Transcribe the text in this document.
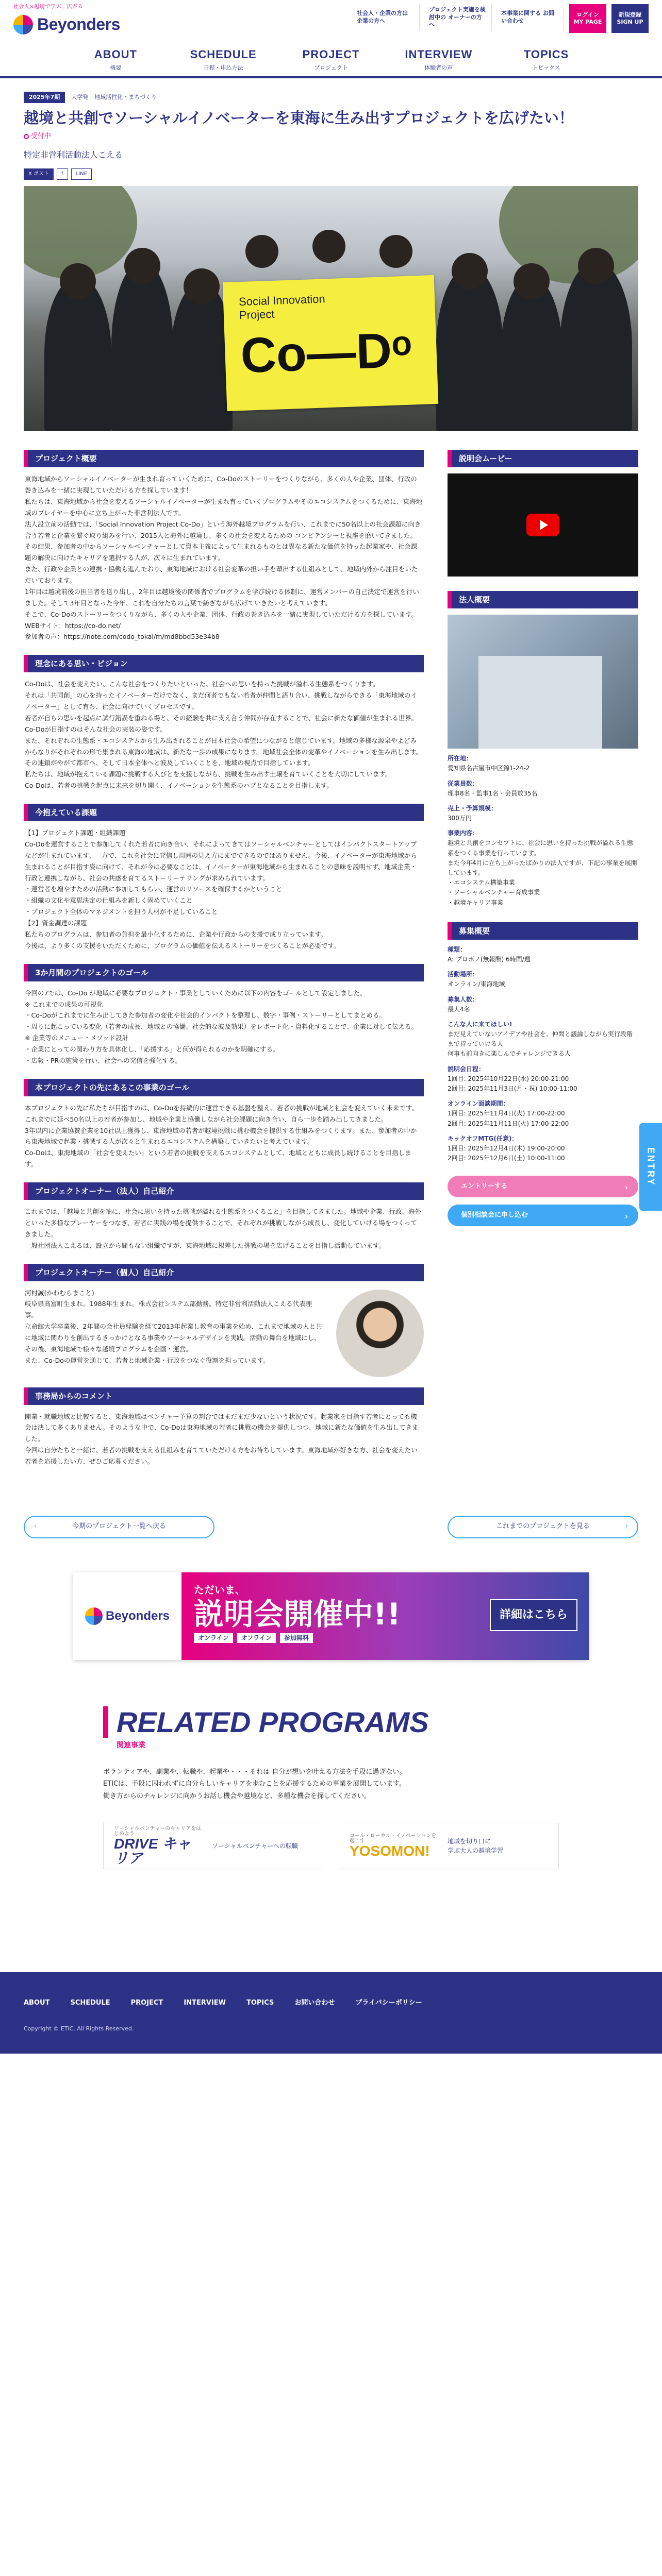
社会人×越境で学ぶ、広がる
Beyonders
社会人・企業の方は 企業の方へ
プロジェクト実施を検討中の オーナーの方へ
本事業に関する お問い合わせ
ログイン
MY PAGE
新規登録
SIGN UP
ABOUT
概要
SCHEDULE
日程・申込方法
PROJECT
プロジェクト
INTERVIEW
体験者の声
TOPICS
トピックス
2025年7期	大学発 地域活性化・まちづくり
越境と共創でソーシャルイノベーターを東海に生み出すプロジェクトを広げたい！
受付中
特定非営利活動法人こえる
X ポスト	f	LINE
Social Innovation
Project
Co—Dᵒ
プロジェクト概要
東海地域からソーシャルイノベーターが生まれ育っていくために、Co-Doのストーリーをつくりながら、多くの人や企業、団体、行政の巻き込みを一緒に実現していただける方を探しています！
私たちは、東海地域から社会を変えるソーシャルイノベーターが生まれ育っていくプログラムやそのエコシステムをつくるために、東海地域のプレイヤーを中心に立ち上がった非営利法人です。
法人設立前の活動では、「Social Innovation Project Co-Do」という海外越境プログラムを行い、これまでに50名以上の社会課題に向き合う若者と企業を繋ぐ取り組みを行い、2015人と海外に越境し、多くの社会を変えるための コンピテンシーと視座を磨いてきました。
その結果、参加者の中からソーシャルベンチャーとして資本主義によって生まれるものとは異なる新たな価値を持った起業家や、社会課題の解決に向けたキャリアを選択する人が、次々に生まれています。
また、行政や企業との連携・協働も進んでおり、東海地域における社会変革の担い手を輩出する仕組みとして、地域内外から注目をいただいております。
1年目は越境前後の担当者を送り出し、2年目は越境後の関係者でプログラムを学び続ける体制に、運営メンバーの自己決定で運営を行いました。そして3年目となった今年、これを自分たちの言葉で紡ぎながら広げていきたいと考えています。
そこで、Co-Doのストーリーをつくりながら、多くの人や企業、団体、行政の巻き込みを一緒に実現していただける方を探しています。
WEBサイト：https://co-do.net/
参加者の声：https://note.com/codo_tokai/m/md8bbd53e34b8
理念にある思い・ビジョン
Co-Doは、社会を変えたい、こんな社会をつくりたいといった、社会への思いを持った挑戦が溢れる生態系をつくります。
それは「共同創」の心を持ったイノベーターだけでなく、まだ何者でもない若者が仲間と語り合い、挑戦しながらできる「東海地域のイノベーター」として育ち、社会に向けていくプロセスです。
若者が自らの思いを起点に試行錯誤を重ねる場と、その経験を共に支え合う仲間が存在することで、社会に新たな価値が生まれる世界。Co-Doが目指すのはそんな社会の実装の姿です。
また、それぞれの生態系・エコシステムから生み出されることが日本社会の希望につながると信じています。地域の多様な源泉やよどみからなりがそれぞれの形で集まれる東海の地域は、新たな一歩の成果になります。地域社会全体の変革やイノベーションを生み出します。その連鎖がやがて都市へ、そして日本全体へと波及していくことを、地域の視点で目指しています。
私たちは、地域が抱えている課題に挑戦する人びとを支援しながら、挑戦を生み出す土壌を育ていくことを大切にしています。
Co-Doは、若者の挑戦を起点に未来を切り開く、イノベーションを生態系のハブとなることを目指します。
今抱えている課題
【1】プロジェクト課題・組織課題
Co-Doを運営することで参加してくれた若者に向き合い、それによってきてはソーシャルベンチャーとしてはインパクトスタートアップなどが生まれています。一方で、これを社会に発信し周囲の見え方にまでできるのではありません。今後、イノベーターが東海地域から生まれることが目指す姿に向けて、それが今は必要なことは、イノベーターが東海地域から生まれることの意味を説明せず、地域企業・行政と連携しながら、社会の共感を育てるストーリーテリングが求められています。
・運営者を増やすための活動に参加してもらい、運営のリソースを確保するかということ
・組織の文化や意思決定の仕組みを新しく固めていくこと
・プロジェクト全体のマネジメントを担う人材が不足していること
【2】資金調達の課題
私たちのプログラムは、参加者の負担を最小化するために、企業や行政からの支援で成り立っています。
今後は、より多くの支援をいただくために、プログラムの価値を伝えるストーリーをつくることが必要です。
3か月間のプロジェクトのゴール
今回の7では、Co-Do が地域に必要なプロジェクト・事業としていくために以下の内容をゴールとして設定しました。
※ これまでの成果の可視化
・Co-Doがこれまでに生み出してきた参加者の変化や社会的インパクトを整理し、数字・事例・ストーリーとしてまとめる。
・周りに起こっている変化（若者の成長、地域との協働、社会的な波及効果）をレポート化・資料化することで、企業に対して伝える。
※ 企業等のメニュー・メソッド設計
・企業にとっての関わり方を具体化し、「応援する」と何が得られるのかを明確にする。
・広報・PRの施策を行い、社会への発信を強化する。
本プロジェクトの先にあるこの事業のゴール
本プロジェクトの先に私たちが目指すのは、Co-Doを持続的に運営できる基盤を整え、若者の挑戦が地域と社会を変えていく未来です。これまでに延べ50名以上の若者が参加し、地域や企業と協働しながら社会課題に向き合い、自ら一歩を踏み出してきました。
3年以内に企業協賛企業を10社以上獲得し、東海地域の若者が越境挑戦に挑む機会を提供する仕組みをつくります。また、参加者の中から東海地域で起業・挑戦する人が次々と生まれるエコシステムを構築していきたいと考えています。
Co-Doは、東海地域の「社会を変えたい」という若者の挑戦を支えるエコシステムとして、地域とともに成長し続けることを目指します。
プロジェクトオーナー（法人）自己紹介
これまでは、「越境と共創を軸に、社会に思いを持った挑戦が溢れる生態系をつくること」を目指してきました。地域や企業、行政、海外といった多様なプレーヤーをつなぎ、若者に実践の場を提供することで、それぞれが挑戦しながら成長し、変化していける場をつくってきました。
一般社団法人こえるは、設立から間もない組織ですが、東海地域に根差した挑戦の場を広げることを目指し活動しています。
プロジェクトオーナー（個人）自己紹介
河村誠(かわむらまこと)
岐阜県高富町生まれ。1988年生まれ。株式会社システム部勤務。特定非営利活動法人こえる代表理事。
立命館大学卒業後、2年間の会社員経験を経て2013年起業し教育の事業を始め、これまで地域の人と共に地域に関わりを創出するきっかけとなる事業やソーシャルデザインを実践。活動の舞台を地域にし、その後、東海地域で様々な越境プログラムを企画・運営。
また、Co-Doの運営を通じて、若者と地域企業・行政をつなぐ役割を担っています。
事務局からのコメント
開業・就職地域と比較すると、東海地域はベンチャー予算の割合ではまだまだ少ないという状況です。起業家を目指す若者にとっても機会は決して多くありません。そのような中で、Co-Doは東海地域の若者に挑戦の機会を提供しつつ、地域に新たな価値を生み出してきました。
今回は自分たちと一緒に、若者の挑戦を支える仕組みを育てていただける方をお待ちしています。東海地域が好きな方、社会を変えたい若者を応援したい方、ぜひご応募ください。
説明会ムービー
法人概要
所在地：
愛知県名古屋市中区錦1-24-2
従業員数：
理事8名・監事1名・会員数35名
売上・予算規模：
300万円
事業内容：
越境と共創をコンセプトに、社会に思いを持った挑戦が溢れる生態系をつくる事業を行っています。
また今年4月に立ち上がったばかりの法人ですが、下記の事業を展開しています。
・エコシステム構築事業
・ソーシャルベンチャー育成事業
・越境キャリア事業
募集概要
種類：
A: プロボノ(無報酬) 6時間/週
活動場所：
オンライン/東海地域
募集人数：
最大4名
こんな人に来てほしい!
まだ見えていないアイデアや社会を、仲間と議論しながら実行段階まで持っていける人
何事も前向きに楽しんでチャレンジできる人
説明会日程：
1回目: 2025年10月22日(水) 20:00-21:00
2回目: 2025年11月3日(月・祝) 10:00-11:00
オンライン面談期間：
1回目: 2025年11月4日(火) 17:00-22:00
2回目: 2025年11月11日(火) 17:00-22:00
キックオフMTG(任意)：
1回目: 2025年12月4日(木) 19:00-20:00
2回目: 2025年12月6日(土) 10:00-11:00
エントリーする	›
個別相談会に申し込む	›
ENTRY
‹	今期のプロジェクト一覧へ戻る	これまでのプロジェクトを見る	›
Beyonders
ただいま、
説明会開催中!!
オンライン	オフライン	参加無料
詳細はこちら
RELATED PROGRAMS
関連事業

ボランティアや、副業や、転職や、起業や・・・それは 自分が想いを叶える方法を手段に過ぎない。
ETICは、手段に囚われずに自分らしいキャリアを歩むことを応援するための事業を展開しています。
働き方からのチャレンジに向かうお話し機会や越境など、多種な機会を探してください。

ソーシャルベンチャーのキャリアをはじめよう
DRIVE キャリア
ソーシャルベンチャーへの転職
ロール・ローカル・イノベーションを起こす
YOSOMON!
地域を切り口に
学ぶ大人の越境学習
ABOUT	SCHEDULE	PROJECT	INTERVIEW	TOPICS	お問い合わせ	プライバシーポリシー
Copyright © ETIC. All Rights Reserved.
